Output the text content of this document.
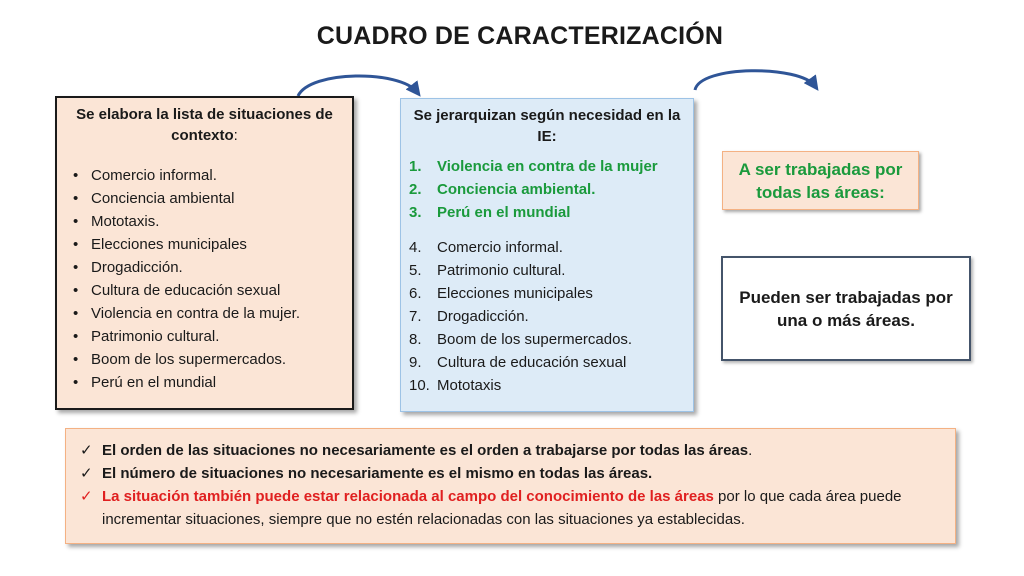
CUADRO DE CARACTERIZACIÓN
Se elabora la lista de situaciones de contexto:
• Comercio informal.
• Conciencia ambiental
• Mototaxis.
• Elecciones municipales
• Drogadicción.
• Cultura de educación sexual
• Violencia en contra de la mujer.
• Patrimonio cultural.
• Boom de los supermercados.
• Perú en el mundial
Se jerarquizan según necesidad en la IE:
1.	Violencia en contra de la mujer
2.	Conciencia ambiental.
3.	Perú en el mundial
4.	Comercio informal.
5.	Patrimonio cultural.
6.	Elecciones municipales
7.	Drogadicción.
8.	Boom de los supermercados.
9.	Cultura de educación sexual
10. Mototaxis
A ser trabajadas por todas las áreas:
Pueden ser trabajadas por una o más áreas.
✓ El orden de las situaciones no necesariamente es el orden a trabajarse por todas las áreas.
✓ El número de situaciones no necesariamente es el mismo en todas las áreas.
✓ La situación también puede estar relacionada al campo del conocimiento de las áreas por lo que cada área puede incrementar situaciones, siempre que no estén relacionadas con las situaciones ya establecidas.
